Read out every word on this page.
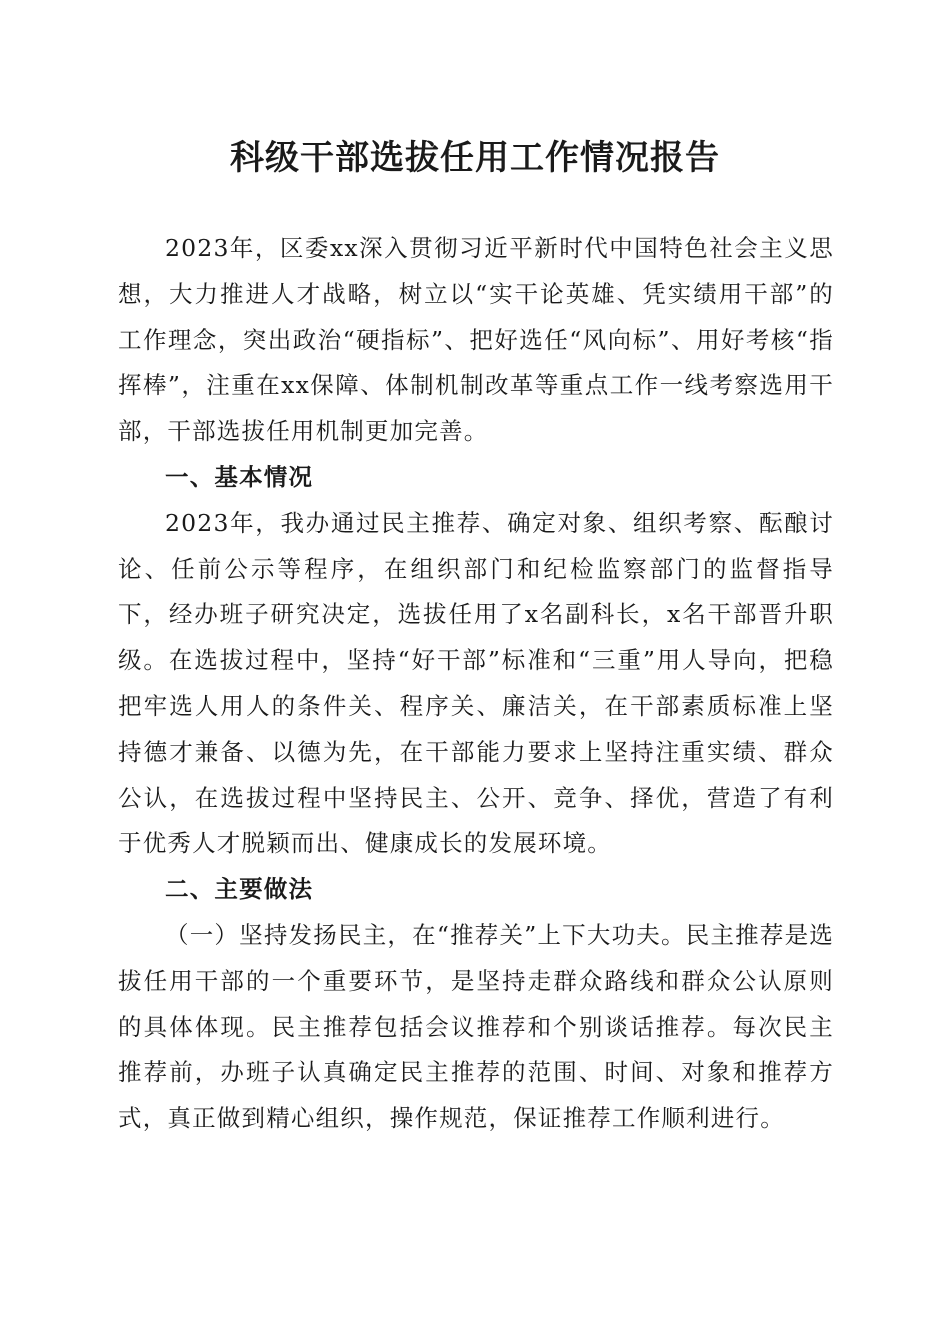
科级干部选拔任用工作情况报告

2023年，区委xx深入贯彻习近平新时代中国特色社会主义思想，大力推进人才战略，树立以“实干论英雄、凭实绩用干部”的工作理念，突出政治“硬指标”、把好选任“风向标”、用好考核“指挥棒”，注重在xx保障、体制机制改革等重点工作一线考察选用干部，干部选拔任用机制更加完善。

一、基本情况

2023年，我办通过民主推荐、确定对象、组织考察、酝酿讨论、任前公示等程序，在组织部门和纪检监察部门的监督指导下，经办班子研究决定，选拔任用了x名副科长，x名干部晋升职级。在选拔过程中，坚持“好干部”标准和“三重”用人导向，把稳把牢选人用人的条件关、程序关、廉洁关，在干部素质标准上坚持德才兼备、以德为先，在干部能力要求上坚持注重实绩、群众公认，在选拔过程中坚持民主、公开、竞争、择优，营造了有利于优秀人才脱颖而出、健康成长的发展环境。

二、主要做法

（一）坚持发扬民主，在“推荐关”上下大功夫。民主推荐是选拔任用干部的一个重要环节，是坚持走群众路线和群众公认原则的具体体现。民主推荐包括会议推荐和个别谈话推荐。每次民主推荐前，办班子认真确定民主推荐的范围、时间、对象和推荐方式，真正做到精心组织，操作规范，保证推荐工作顺利进行。
